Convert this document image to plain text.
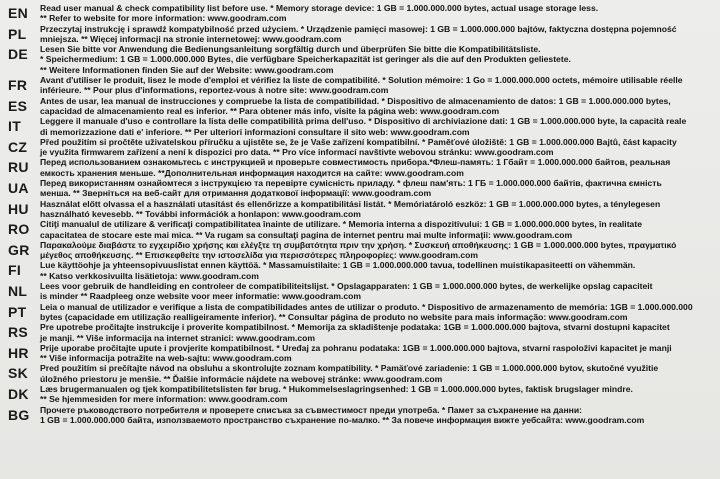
EN	Read user manual & check compatibility list before use. * Memory storage device: 1 GB = 1.000.000.000 bytes, actual usage storage less.
** Refer to website for more information: www.goodram.com
PL	Przeczytaj instrukcję i sprawdź kompatybilność przed użyciem. * Urządzenie pamięci masowej: 1 GB = 1.000.000.000 bajtów, faktyczna dostępna pojemność
mniejsza. ** Więcej informacji na stronie internetowej: www.goodram.com
DE	Lesen Sie bitte vor Anwendung die Bedienungsanleitung sorgfältig durch und überprüfen Sie bitte die Kompatibilitätsliste.
* Speichermedium: 1 GB = 1.000.000.000 Bytes, die verfügbare Speicherkapazität ist geringer als die auf den Produkten geliestete.
** Weitere Informationen finden Sie auf der Website: www.goodram.com
FR	Avant d'utiliser le produit, lisez le mode d'emploi et vérifiez la liste de compatibilité. * Solution mémoire: 1 Go = 1.000.000.000 octets, mémoire utilisable réelle
inférieure. ** Pour plus d'informations, reportez-vous à notre site: www.goodram.com
ES	Antes de usar, lea manual de instrucciones y compruebe la lista de compatibilidad. * Dispositivo de almacenamiento de datos: 1 GB = 1.000.000.000 bytes,
capacidad de almacenamiento real es inferior. ** Para obtener más info, visite la página web: www.goodram.com
IT	Leggere il manuale d'uso e controllare la lista delle compatibilità prima dell'uso. * Dispositivo di archiviazione dati: 1 GB = 1.000.000.000 byte, la capacità reale
di memorizzazione dati e' inferiore. ** Per ulteriori informazioni consultare il sito web: www.goodram.com
CZ	Před použitím si pročtěte uživatelskou příručku a ujistěte se, že je Vaše zařízení kompatibilní. * Paměťové úložiště: 1 GB = 1.000.000.000 Bajtů, část kapacity
je využita firmwarem zařízení a není k dispozici pro data. ** Pro více informací navštivte webovou stránku: www.goodram.com
RU	Перед использованием ознакомьтесь с инструкцией и проверьте совместимость прибора.*Флеш-память: 1 Гбайт = 1.000.000.000 байтов, реальная
емкость хранения меньше. **Дополнительная информация находится на сайте: www.goodram.com
UA	Перед використанням ознайомтеся з інструкцією та перевірте сумісність приладу. * флеш пам'ять: 1 ГБ = 1.000.000.000 байтів, фактична ємність
менша. ** Зверніться на веб-сайт для отримання додаткової інформації: www.goodram.com
HU	Használat előtt olvassa el a használati utasítást és ellenőrizze a kompatibilitási listát. * Memóriatároló eszköz: 1 GB = 1.000.000.000 bytes, a ténylegesen
használható kevesebb. ** További információk a honlapon: www.goodram.com
RO	Citiţi manualul de utilizare & verificaţi compatibilitatea înainte de utilizare. * Memoria interna a dispozitivului: 1 GB = 1.000.000.000 bytes, în realitate
capacitatea de stocare este mai mica. ** Va rugam sa consultaţi pagina de internet pentru mai multe informaţii: www.goodram.com
GR	Παρακαλούμε διαβάστε το εγχειρίδιο χρήσης και ελέγξτε τη συμβατότητα πριν την χρήση. * Συσκευή αποθήκευσης: 1 GB = 1.000.000.000 bytes, πραγματικό
μέγεθος αποθήκευσης. ** Επισκεφθείτε την ιστοσελίδα για περισσότερες πληροφορίες: www.goodram.com
FI	Lue käyttöohje ja yhteensopivuuslistat ennen käyttöä. * Massamuistilaite: 1 GB = 1.000.000.000 tavua, todellinen muistikapasiteetti on vähemmän.
** Katso verkkosivuilta lisätietoja: www.goodram.com
NL	Lees voor gebruik de handleiding en controleer de compatibiliteitslijst. * Opslagapparaten: 1 GB = 1.000.000.000 bytes, de werkelijke opslag capaciteit
is minder ** Raadpleeg onze website voor meer informatie: www.goodram.com
PT	Leia o manual de utilizador e verifique a lista de compatibilidades antes de utilizar o produto. * Dispositivo de armazenamento de memória: 1GB = 1.000.000.000
bytes (capacidade em utilização realligeiramente inferior). ** Consultar página de produto no website para mais informação: www.goodram.com
RS	Pre upotrebe pročitajte instrukcije i proverite kompatibilnost. * Memorija za skladištenje podataka: 1GB = 1.000.000.000 bajtova, stvarni dostupni kapacitet
je manji. ** Više informacija na internet stranici: www.goodram.com
HR	Prije uporabe pročitajte upute i provjerite kompatibilnost. * Uređaj za pohranu podataka: 1GB = 1.000.000.000 bajtova, stvarni raspoloživi kapacitet je manji
** Više informacija potražite na web-sajtu: www.goodram.com
SK	Pred použitím si prečítajte návod na obsluhu a skontrolujte zoznam kompatibility. * Pamäťové zariadenie: 1 GB = 1.000.000.000 bytov, skutočné využitie
úložného priestoru je menšie. ** Ďalšie informácie nájdete na webovej stránke: www.goodram.com
DK	Læs brugermanualen og tjek kompatibilitetslisten før brug. * Hukommelseslagringsenhed: 1 GB = 1.000.000.000 bytes, faktisk brugslager mindre.
** Se hjemmesiden for mere information: www.goodram.com
BG	Прочете ръководството потребителя и проверете списъка за съвместимост преди употреба. * Памет за съхранение на данни:
1 GB = 1.000.000.000 байта, използваемото пространство съхранение по-малко. ** За повече информация вижте уебсайта: www.goodram.com
